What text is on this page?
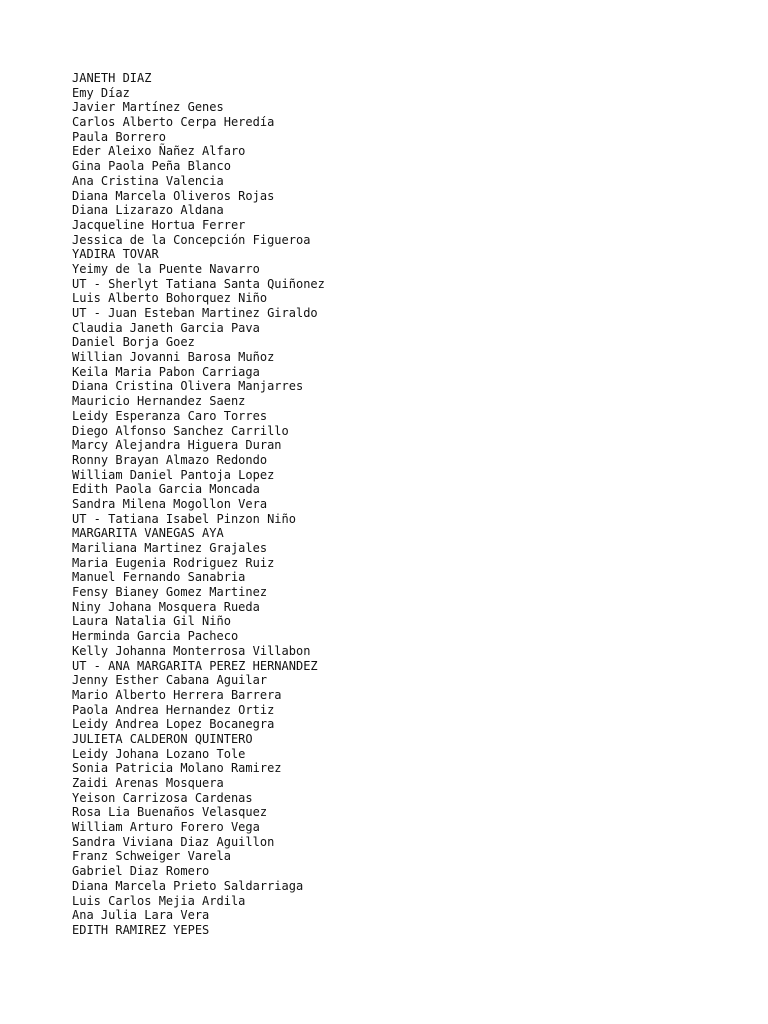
JANETH DIAZ
Emy Díaz
Javier Martínez Genes
Carlos Alberto Cerpa Heredía
Paula Borrero
Eder Aleixo Ñañez Alfaro
Gina Paola Peña Blanco
Ana Cristina Valencia
Diana Marcela Oliveros Rojas
Diana Lizarazo Aldana
Jacqueline Hortua Ferrer
Jessica de la Concepción Figueroa
YADIRA TOVAR
Yeimy de la Puente Navarro
UT - Sherlyt Tatiana Santa Quiñonez
Luis Alberto Bohorquez Niño
UT - Juan Esteban Martinez Giraldo
Claudia Janeth Garcia Pava
Daniel Borja Goez
Willian Jovanni Barosa Muñoz
Keila Maria Pabon Carriaga
Diana Cristina Olivera Manjarres
Mauricio Hernandez Saenz
Leidy Esperanza Caro Torres
Diego Alfonso Sanchez Carrillo
Marcy Alejandra Higuera Duran
Ronny Brayan Almazo Redondo
William Daniel Pantoja Lopez
Edith Paola Garcia Moncada
Sandra Milena Mogollon Vera
UT - Tatiana Isabel Pinzon Niño
MARGARITA VANEGAS AYA
Mariliana Martinez Grajales
Maria Eugenia Rodriguez Ruiz
Manuel Fernando Sanabria
Fensy Bianey Gomez Martinez
Niny Johana Mosquera Rueda
Laura Natalia Gil Niño
Herminda Garcia Pacheco
Kelly Johanna Monterrosa Villabon
UT - ANA MARGARITA PEREZ HERNANDEZ
Jenny Esther Cabana Aguilar
Mario Alberto Herrera Barrera
Paola Andrea Hernandez Ortiz
Leidy Andrea Lopez Bocanegra
JULIETA CALDERON QUINTERO
Leidy Johana Lozano Tole
Sonia Patricia Molano Ramirez
Zaidi Arenas Mosquera
Yeison Carrizosa Cardenas
Rosa Lia Buenaños Velasquez
William Arturo Forero Vega
Sandra Viviana Diaz Aguillon
Franz Schweiger Varela
Gabriel Diaz Romero
Diana Marcela Prieto Saldarriaga
Luis Carlos Mejia Ardila
Ana Julia Lara Vera
EDITH RAMIREZ YEPES
